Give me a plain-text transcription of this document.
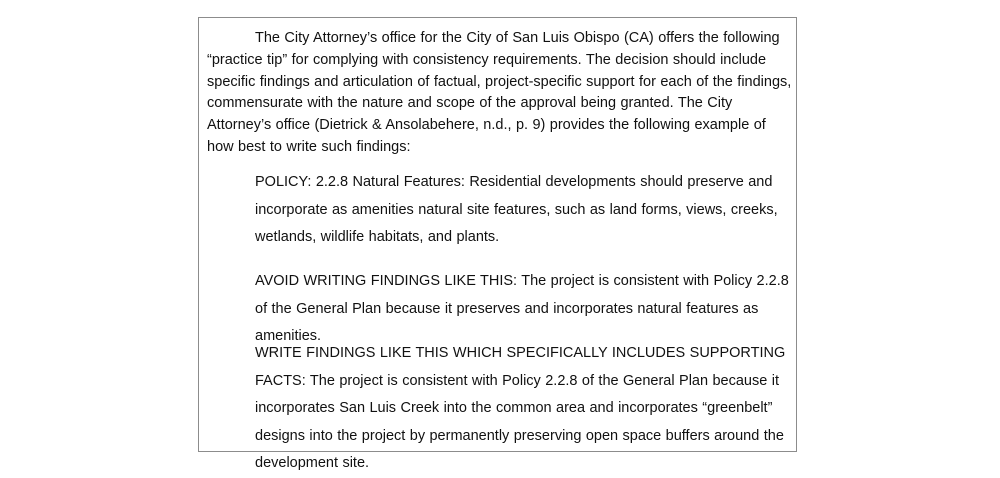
The City Attorney’s office for the City of San Luis Obispo (CA) offers the following “practice tip” for complying with consistency requirements. The decision should include specific findings and articulation of factual, project-specific support for each of the findings, commensurate with the nature and scope of the approval being granted. The City Attorney’s office (Dietrick & Ansolabehere, n.d., p. 9) provides the following example of how best to write such findings:

POLICY: 2.2.8 Natural Features: Residential developments should preserve and incorporate as amenities natural site features, such as land forms, views, creeks, wetlands, wildlife habitats, and plants.

AVOID WRITING FINDINGS LIKE THIS: The project is consistent with Policy 2.2.8 of the General Plan because it preserves and incorporates natural features as amenities.

WRITE FINDINGS LIKE THIS WHICH SPECIFICALLY INCLUDES SUPPORTING FACTS: The project is consistent with Policy 2.2.8 of the General Plan because it incorporates San Luis Creek into the common area and incorporates “greenbelt” designs into the project by permanently preserving open space buffers around the development site.
